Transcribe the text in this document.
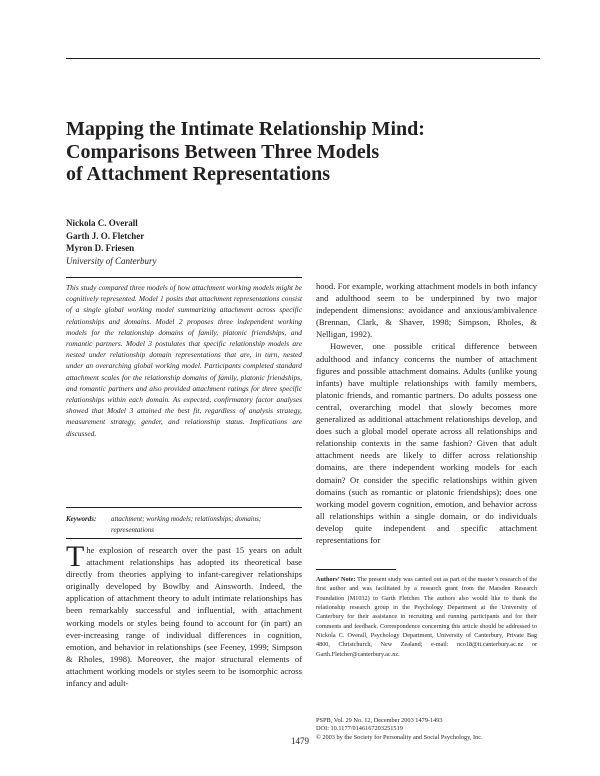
Mapping the Intimate Relationship Mind:
Comparisons Between Three Models
of Attachment Representations
Nickola C. Overall
Garth J. O. Fletcher
Myron D. Friesen
University of Canterbury
This study compared three models of how attachment working models might be cognitively represented. Model 1 posits that attachment representations consist of a single global working model summarizing attachment across specific relationships and domains. Model 2 proposes three independent working models for the relationship domains of family, platonic friendships, and romantic partners. Model 3 postulates that specific relationship models are nested under relationship domain representations that are, in turn, nested under an overarching global working model. Participants completed standard attachment scales for the relationship domains of family, platonic friendships, and romantic partners and also provided attachment ratings for three specific relationships within each domain. As expected, confirmatory factor analyses showed that Model 3 attained the best fit, regardless of analysis strategy, measurement strategy, gender, and relationship status. Implications are discussed.
Keywords: attachment; working models; relationships; domains; representations
The explosion of research over the past 15 years on adult attachment relationships has adopted its theoretical base directly from theories applying to infant-caregiver relationships originally developed by Bowlby and Ainsworth. Indeed, the application of attachment theory to adult intimate relationships has been remarkably successful and influential, with attachment working models or styles being found to account for (in part) an ever-increasing range of individual differences in cognition, emotion, and behavior in relationships (see Feeney, 1999; Simpson & Rholes, 1998). Moreover, the major structural elements of attachment working models or styles seem to be isomorphic across infancy and adult-

hood. For example, working attachment models in both infancy and adulthood seem to be underpinned by two major independent dimensions: avoidance and anxious/ambivalence (Brennan, Clark, & Shaver, 1998; Simpson, Rholes, & Nelligan, 1992).

However, one possible critical difference between adulthood and infancy concerns the number of attachment figures and possible attachment domains. Adults (unlike young infants) have multiple relationships with family members, platonic friends, and romantic partners. Do adults possess one central, overarching model that slowly becomes more generalized as additional attachment relationships develop, and does such a global model operate across all relationships and relationship contexts in the same fashion? Given that adult attachment needs are likely to differ across relationship domains, are there independent working models for each domain? Or consider the specific relationships within given domains (such as romantic or platonic friendships); does one working model govern cognition, emotion, and behavior across all relationships within a single domain, or do individuals develop quite independent and specific attachment representations for

Authors’ Note: The present study was carried out as part of the master’s research of the first author and was facilitated by a research grant from the Marsden Research Foundation (M1032) to Garth Fletcher. The authors also would like to thank the relationship research group in the Psychology Department at the University of Canterbury for their assistance in recruiting and running participants and for their comments and feedback. Correspondence concerning this article should be addressed to Nickola C. Overall, Psychology Department, University of Canterbury, Private Bag 4800, Christchurch, New Zealand; e-mail: nco18@it.canterbury.ac.nz or Garth.Fletcher@canterbury.ac.nz.
PSPB, Vol. 29 No. 12, December 2003 1479-1493
DOI: 10.1177/0146167203251519
© 2003 by the Society for Personality and Social Psychology, Inc.
1479
